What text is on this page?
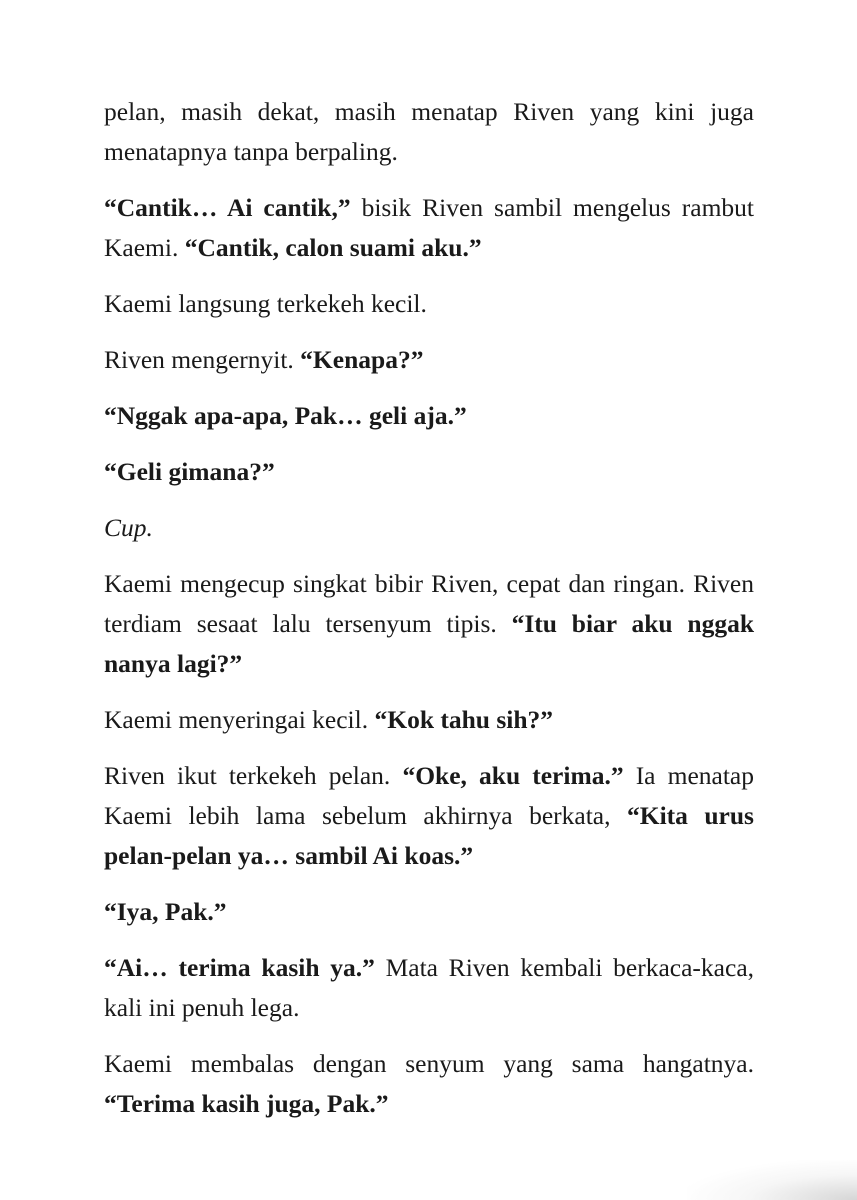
pelan, masih dekat, masih menatap Riven yang kini juga menatapnya tanpa berpaling.

“Cantik… Ai cantik,” bisik Riven sambil mengelus rambut Kaemi. “Cantik, calon suami aku.”

Kaemi langsung terkekeh kecil.

Riven mengernyit. “Kenapa?”

“Nggak apa-apa, Pak… geli aja.”

“Geli gimana?”

Cup.

Kaemi mengecup singkat bibir Riven, cepat dan ringan. Riven terdiam sesaat lalu tersenyum tipis. “Itu biar aku nggak nanya lagi?”

Kaemi menyeringai kecil. “Kok tahu sih?”

Riven ikut terkekeh pelan. “Oke, aku terima.” Ia menatap Kaemi lebih lama sebelum akhirnya berkata, “Kita urus pelan-pelan ya… sambil Ai koas.”

“Iya, Pak.”

“Ai… terima kasih ya.” Mata Riven kembali berkaca-kaca, kali ini penuh lega.

Kaemi membalas dengan senyum yang sama hangatnya. “Terima kasih juga, Pak.”
